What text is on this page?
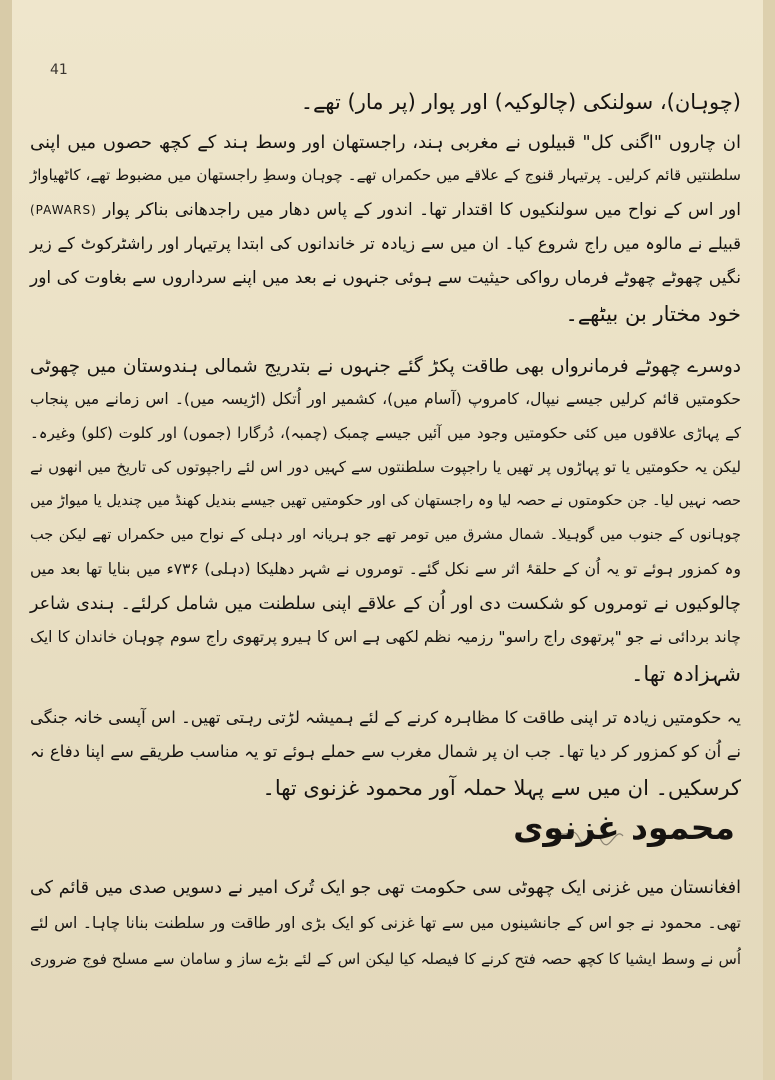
41
(چوہان)، سولنکی (چالوکیہ) اور پوار (پر مار) تھے۔
ان چاروں "اگنی کل" قبیلوں نے مغربی ہند، راجستھان اور وسط ہند کے کچھ حصوں میں اپنی
سلطنتیں قائم کرلیں۔ پرتیہار قنوج کے علاقے میں حکمراں تھے۔ چوہان وسطِ راجستھان میں مضبوط تھے، کاٹھیاواڑ
اور اس کے نواح میں سولنکیوں کا اقتدار تھا۔ اندور کے پاس دھار میں راجدھانی بناکر پوار (PAWARS)
قبیلے نے مالوہ میں راج شروع کیا۔ ان میں سے زیادہ تر خاندانوں کی ابتدا پرتیہار اور راشٹرکوٹ کے زیر
نگیں چھوٹے چھوٹے فرماں رواکی حیثیت سے ہوئی جنہوں نے بعد میں اپنے سرداروں سے بغاوت کی اور
خود مختار بن بیٹھے۔
دوسرے چھوٹے فرمانرواں بھی طاقت پکڑ گئے جنہوں نے بتدریج شمالی ہندوستان میں چھوٹی
حکومتیں قائم کرلیں جیسے نیپال، کامروپ (آسام میں)، کشمیر اور اُتکل (اڑیسہ میں)۔ اس زمانے میں پنجاب
کے پہاڑی علاقوں میں کئی حکومتیں وجود میں آئیں جیسے چمبک (چمبہ)، دُرگارا (جموں) اور کلوت (کلو) وغیرہ۔
لیکن یہ حکومتیں یا تو پہاڑوں پر تھیں یا راجپوت سلطنتوں سے کہیں دور اس لئے راجپوتوں کی تاریخ میں انھوں نے
حصہ نہیں لیا۔ جن حکومتوں نے حصہ لیا وہ راجستھان کی اور حکومتیں تھیں جیسے بندیل کھنڈ میں چندیل یا میواڑ میں
چوہانوں کے جنوب میں گوہیلا۔ شمال مشرق میں تومر تھے جو ہریانہ اور دہلی کے نواح میں حکمراں تھے لیکن جب
وہ کمزور ہوئے تو یہ اُن کے حلقۂ اثر سے نکل گئے۔ تومروں نے شہر دھلیکا (دہلی) ۷۳۶ء میں بنایا تھا بعد میں
چالوکیوں نے تومروں کو شکست دی اور اُن کے علاقے اپنی سلطنت میں شامل کرلئے۔ ہندی شاعر
چاند بردائی نے جو "پرتھوی راج راسو" رزمیہ نظم لکھی ہے اس کا ہیرو پرتھوی راج سوم چوہان خاندان کا ایک
شہزادہ تھا۔
یہ حکومتیں زیادہ تر اپنی طاقت کا مظاہرہ کرنے کے لئے ہمیشہ لڑتی رہتی تھیں۔ اس آپسی خانہ جنگی
نے اُن کو کمزور کر دیا تھا۔ جب ان پر شمال مغرب سے حملے ہوئے تو یہ مناسب طریقے سے اپنا دفاع نہ
کرسکیں۔ ان میں سے پہلا حملہ آور محمود غزنوی تھا۔
محمود غزنوی
افغانستان میں غزنی ایک چھوٹی سی حکومت تھی جو ایک تُرک امیر نے دسویں صدی میں قائم کی
تھی۔ محمود نے جو اس کے جانشینوں میں سے تھا غزنی کو ایک بڑی اور طاقت ور سلطنت بنانا چاہا۔ اس لئے
اُس نے وسط ایشیا کا کچھ حصہ فتح کرنے کا فیصلہ کیا لیکن اس کے لئے بڑے ساز و سامان سے مسلح فوج ضروری
